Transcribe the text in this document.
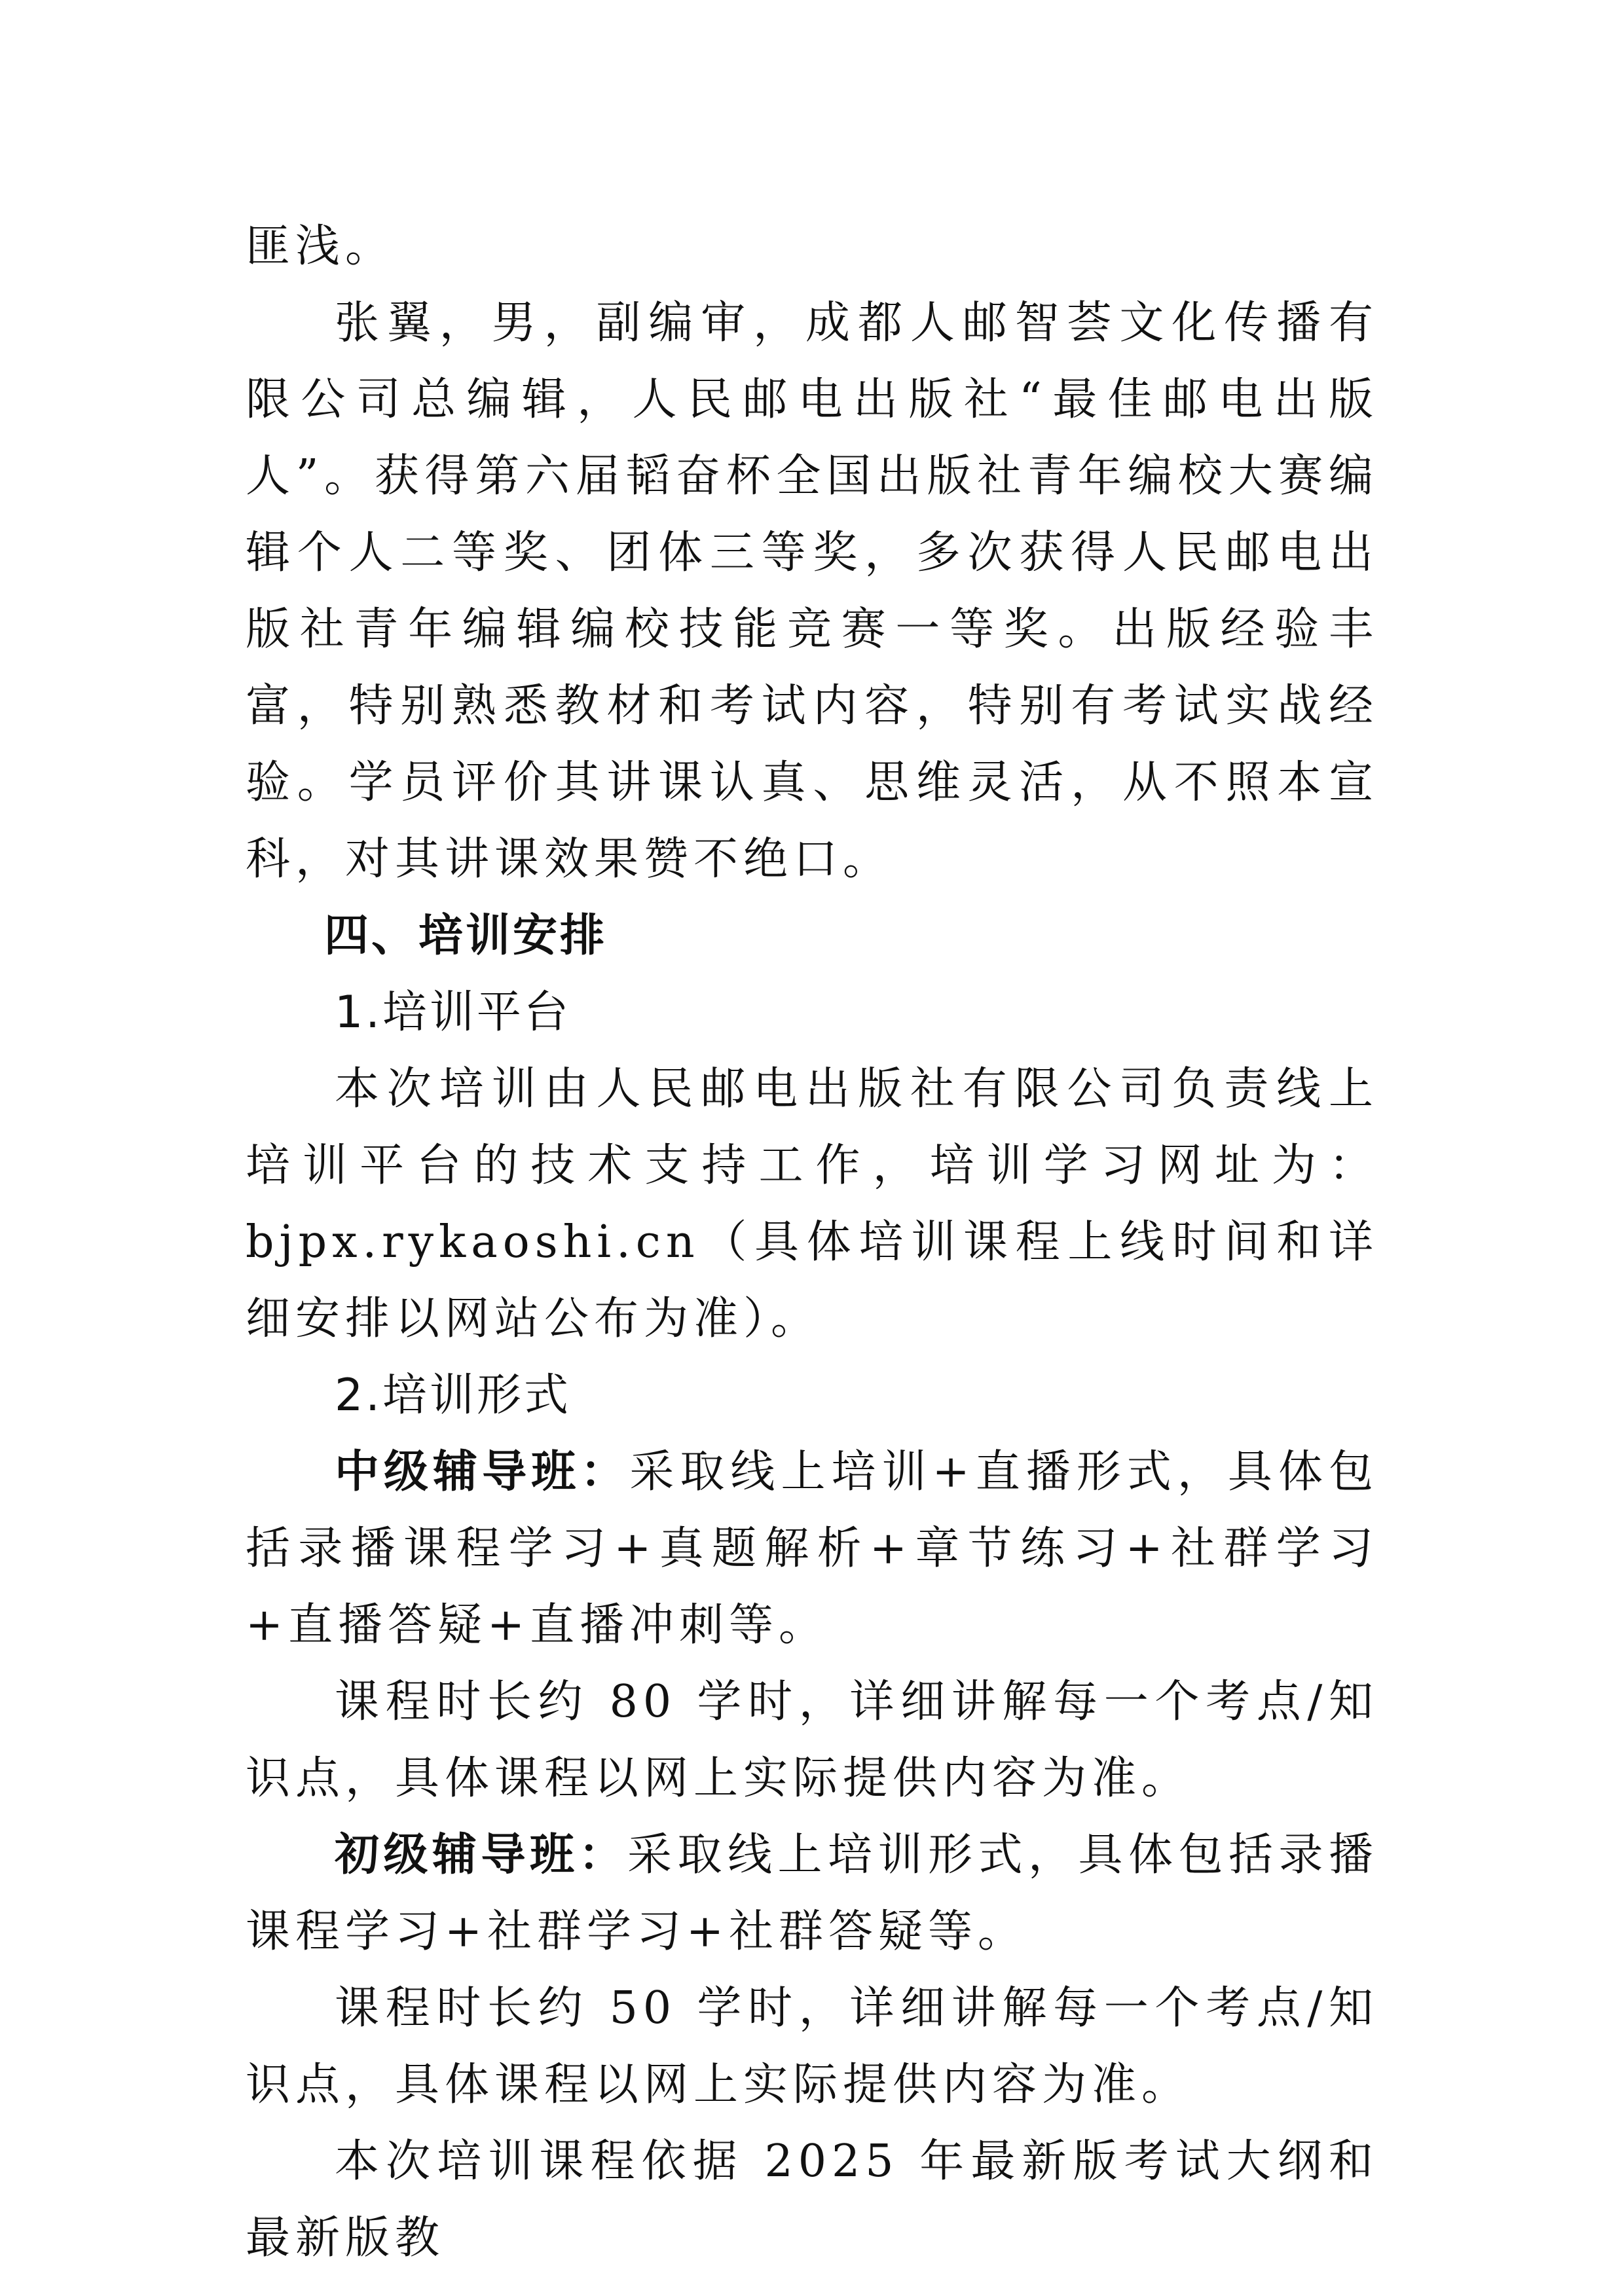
匪浅。

张翼，男，副编审，成都人邮智荟文化传播有限公司总编辑，人民邮电出版社“最佳邮电出版人”。获得第六届韬奋杯全国出版社青年编校大赛编辑个人二等奖、团体三等奖，多次获得人民邮电出版社青年编辑编校技能竞赛一等奖。出版经验丰富，特别熟悉教材和考试内容，特别有考试实战经验。学员评价其讲课认真、思维灵活，从不照本宣科，对其讲课效果赞不绝口。

四、培训安排

1.培训平台

本次培训由人民邮电出版社有限公司负责线上培训平台的技术支持工作，培训学习网址为：bjpx.rykaoshi.cn（具体培训课程上线时间和详细安排以网站公布为准）。

2.培训形式

中级辅导班：采取线上培训+直播形式，具体包括录播课程学习+真题解析+章节练习+社群学习+直播答疑+直播冲刺等。

课程时长约 80 学时，详细讲解每一个考点/知识点，具体课程以网上实际提供内容为准。

初级辅导班：采取线上培训形式，具体包括录播课程学习+社群学习+社群答疑等。

课程时长约 50 学时，详细讲解每一个考点/知识点，具体课程以网上实际提供内容为准。

本次培训课程依据 2025 年最新版考试大纲和最新版教
